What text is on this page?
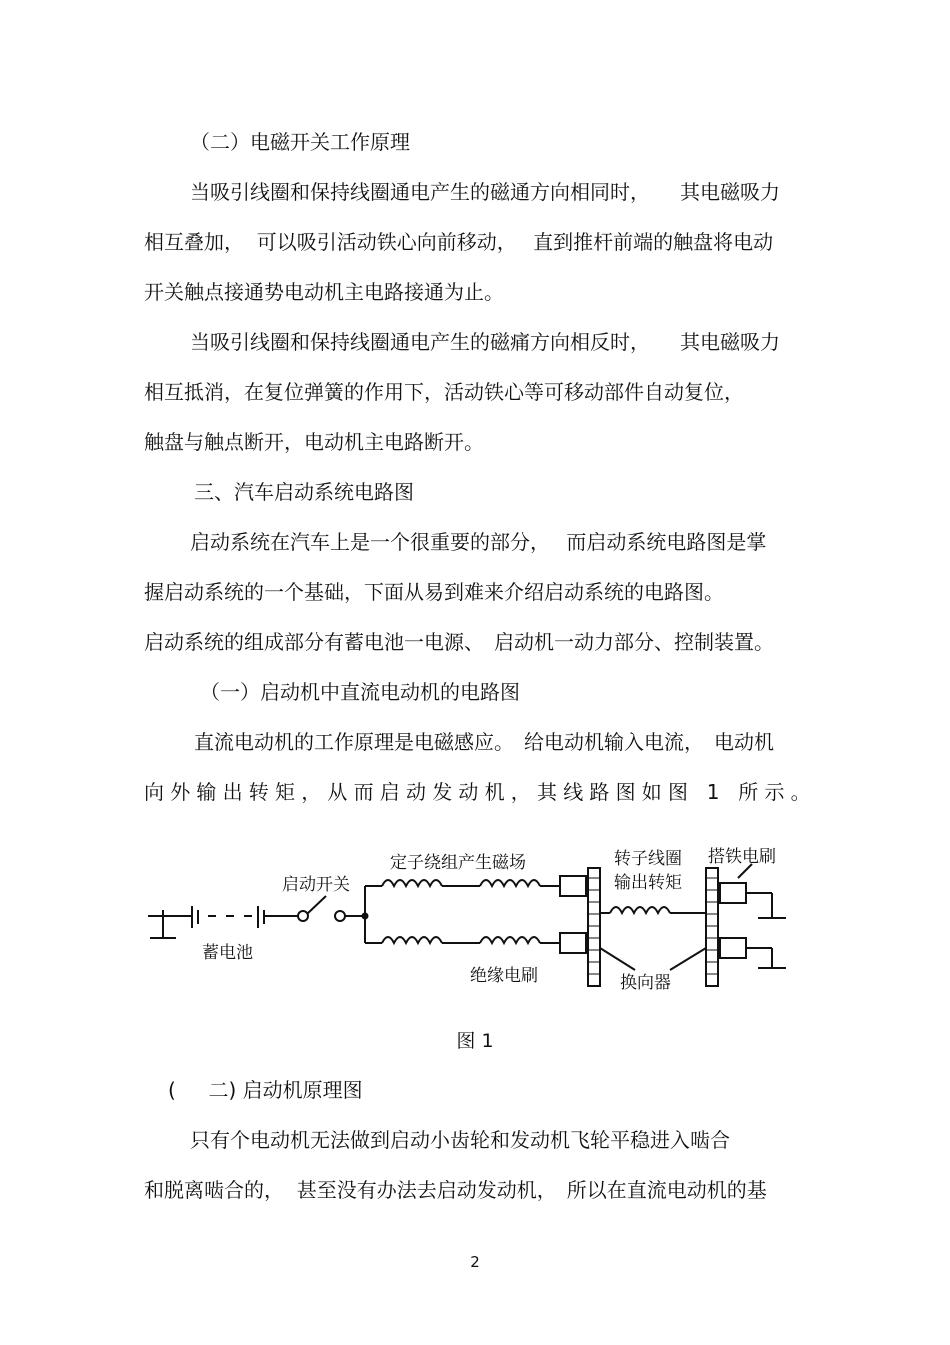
（二）电磁开关工作原理
当吸引线圈和保持线圈通电产生的磁通方向相同时，　　其电磁吸力
相互叠加，  可以吸引活动铁心向前移动，　 直到推杆前端的触盘将电动
开关触点接通势电动机主电路接通为止。
当吸引线圈和保持线圈通电产生的磁痛方向相反时，　　其电磁吸力
相互抵消，在复位弹簧的作用下，活动铁心等可移动部件自动复位，
触盘与触点断开，电动机主电路断开。
三、汽车启动系统电路图
启动系统在汽车上是一个很重要的部分，　 而启动系统电路图是掌
握启动系统的一个基础，下面从易到难来介绍启动系统的电路图。
启动系统的组成部分有蓄电池一电源、　启动机一动力部分、控制装置。
（一）启动机中直流电动机的电路图
直流电动机的工作原理是电磁感应。　给电动机输入电流，　电动机
向外输出转矩，从而启动发动机，其线路图如图 1 所示。
启动开关
定子绕组产生磁场	转子线圈
输出转矩
搭铁电刷
蓄电池
绝缘电刷	换向器
图 1
(　  二) 启动机原理图
只有个电动机无法做到启动小齿轮和发动机飞轮平稳进入啮合
和脱离啮合的，  甚至没有办法去启动发动机，　所以在直流电动机的基
2
